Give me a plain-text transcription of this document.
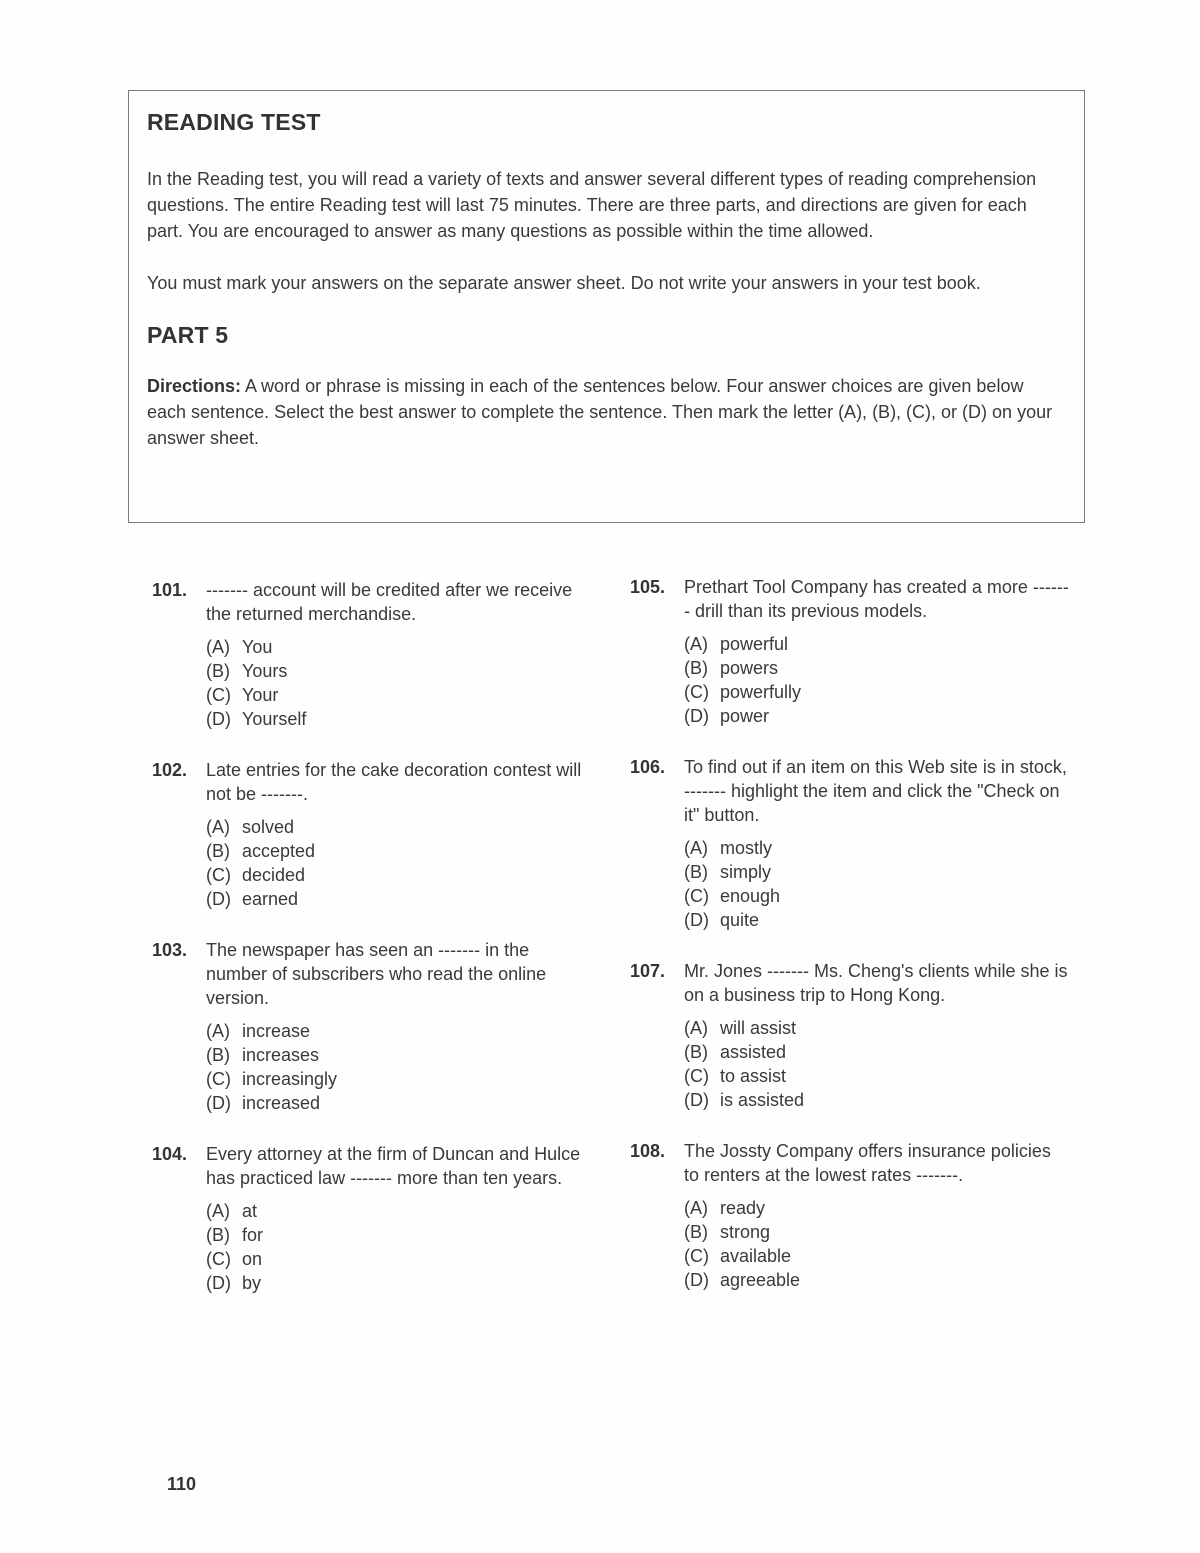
READING TEST

In the Reading test, you will read a variety of texts and answer several different types of reading comprehension questions. The entire Reading test will last 75 minutes. There are three parts, and directions are given for each part. You are encouraged to answer as many questions as possible within the time allowed.

You must mark your answers on the separate answer sheet. Do not write your answers in your test book.

PART 5

Directions: A word or phrase is missing in each of the sentences below. Four answer choices are given below each sentence. Select the best answer to complete the sentence. Then mark the letter (A), (B), (C), or (D) on your answer sheet.

101. ------- account will be credited after we receive the returned merchandise.

(A) You
(B) Yours
(C) Your
(D) Yourself
102. Late entries for the cake decoration contest will not be -------.

(A) solved
(B) accepted
(C) decided
(D) earned
103. The newspaper has seen an ------- in the number of subscribers who read the online version.

(A) increase
(B) increases
(C) increasingly
(D) increased
104. Every attorney at the firm of Duncan and Hulce has practiced law ------- more than ten years.

(A) at
(B) for
(C) on
(D) by
105. Prethart Tool Company has created a more ------- drill than its previous models.

(A) powerful
(B) powers
(C) powerfully
(D) power
106. To find out if an item on this Web site is in stock, ------- highlight the item and click the "Check on it" button.

(A) mostly
(B) simply
(C) enough
(D) quite
107. Mr. Jones ------- Ms. Cheng's clients while she is on a business trip to Hong Kong.

(A) will assist
(B) assisted
(C) to assist
(D) is assisted
108. The Jossty Company offers insurance policies to renters at the lowest rates -------.

(A) ready
(B) strong
(C) available
(D) agreeable
110
